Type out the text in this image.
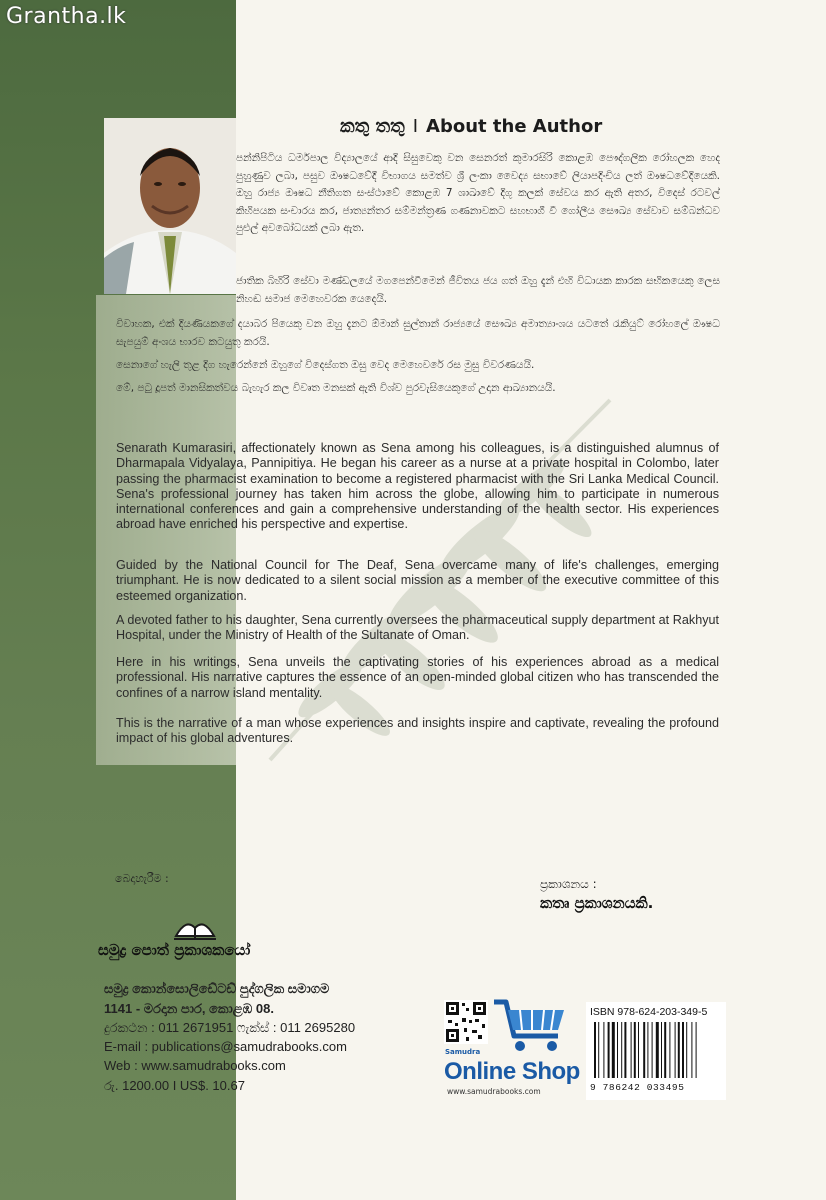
Grantha.lk
කතු තතු I About the Author
පන්නිපිටිය ධර්මපාල විද්‍යාලයේ ආදි සිසුවෙකු වන සෙනරත් කුමාරසිරි කොළඹ පෞද්ගලික රෝහලක හෙද පුහුණුව ලබා, පසුව ඖෂධවේදී විභාගය සමත්ව ශ්‍රී ලංකා වෛද්‍ය සභාවේ ලියාපදිංචිය ලත් ඖෂධවේදියෙකි. ඔහු රාජ්‍ය ඖෂධ නීතිගත සංස්ථාවේ කොළඹ 7 ශාඛාවේ දිගු කලක් සේවය කර ඇති අතර, විදෙස් රටවල් කිහිපයක සංචාරය කර, ජාත්‍යන්තර සම්මන්ත්‍රණ ගණනාවකට සහභාගී වී ගෝලීය සෞඛ්‍ය සේවාව සම්බන්ධව පුළුල් අවබෝධයක් ලබා ඇත.
ජාතික බිහිරි සේවා මණ්ඩලයේ මගපෙන්වීමෙන් ජීවිතය ජය ගත් ඔහු දැන් එහි විධායක කාරක සභිකයෙකු ලෙස නිහඬ සමාජ මෙහෙවරක යෙදෙයි.
විවාහක, එක් දියණියකගේ දයාබර පියෙකු වන ඔහු දැනට ඕමාන් සුල්තාන් රාජ්‍යයේ සෞඛ්‍ය අමාත්‍යාංශය යටතේ රැකියුට් රෝහලේ ඖෂධ සැපයුම් අංශය භාරව කටයුතු කරයි.
සෙනාගේ හැලි තුළ දිග හැරෙන්නේ ඔහුගේ විදෙස්ගත ඔසු වෙද මෙහෙවරේ රස මුසු විවරණයයි.
මේ, පටු දූපත් මානසිකත්වය බැහැර කල විවෘත මනසක් ඇති විශ්ව පුරවැසියෙකුගේ උදාන ආඛ්‍යානයයි.

Senarath Kumarasiri, affectionately known as Sena among his colleagues, is a distinguished alumnus of Dharmapala Vidyalaya, Pannipitiya. He began his career as a nurse at a private hospital in Colombo, later passing the pharmacist examination to become a registered pharmacist with the Sri Lanka Medical Council. Sena's professional journey has taken him across the globe, allowing him to participate in numerous international conferences and gain a comprehensive understanding of the health sector. His experiences abroad have enriched his perspective and expertise.

Guided by the National Council for The Deaf, Sena overcame many of life's challenges, emerging triumphant. He is now dedicated to a silent social mission as a member of the executive committee of this esteemed organization.

A devoted father to his daughter, Sena currently oversees the pharmaceutical supply department at Rakhyut Hospital, under the Ministry of Health of the Sultanate of Oman.

Here in his writings, Sena unveils the captivating stories of his experiences abroad as a medical professional. His narrative captures the essence of an open-minded global citizen who has transcended the confines of a narrow island mentality.

This is the narrative of a man whose experiences and insights inspire and captivate, revealing the profound impact of his global adventures.

බෙදාහැරීම :	ප්‍රකාශනය :
කතෘ ප්‍රකාශනයකි.
සමුද්‍ර පොත් ප්‍රකාශකයෝ
සමුද්‍ර කොන්සොලිඩේටඩ් පුද්ගලික සමාගම
1141 - මරදාන පාර, කොළඹ 08.
දුරකථන : 011 2671951 ෆැක්ස් : 011 2695280
E-mail : publications@samudrabooks.com
Web : www.samudrabooks.com
රු. 1200.00 I US$. 10.67
Samudra
Online Shop
www.samudrabooks.com
ISBN 978-624-203-349-5
9 786242 033495
